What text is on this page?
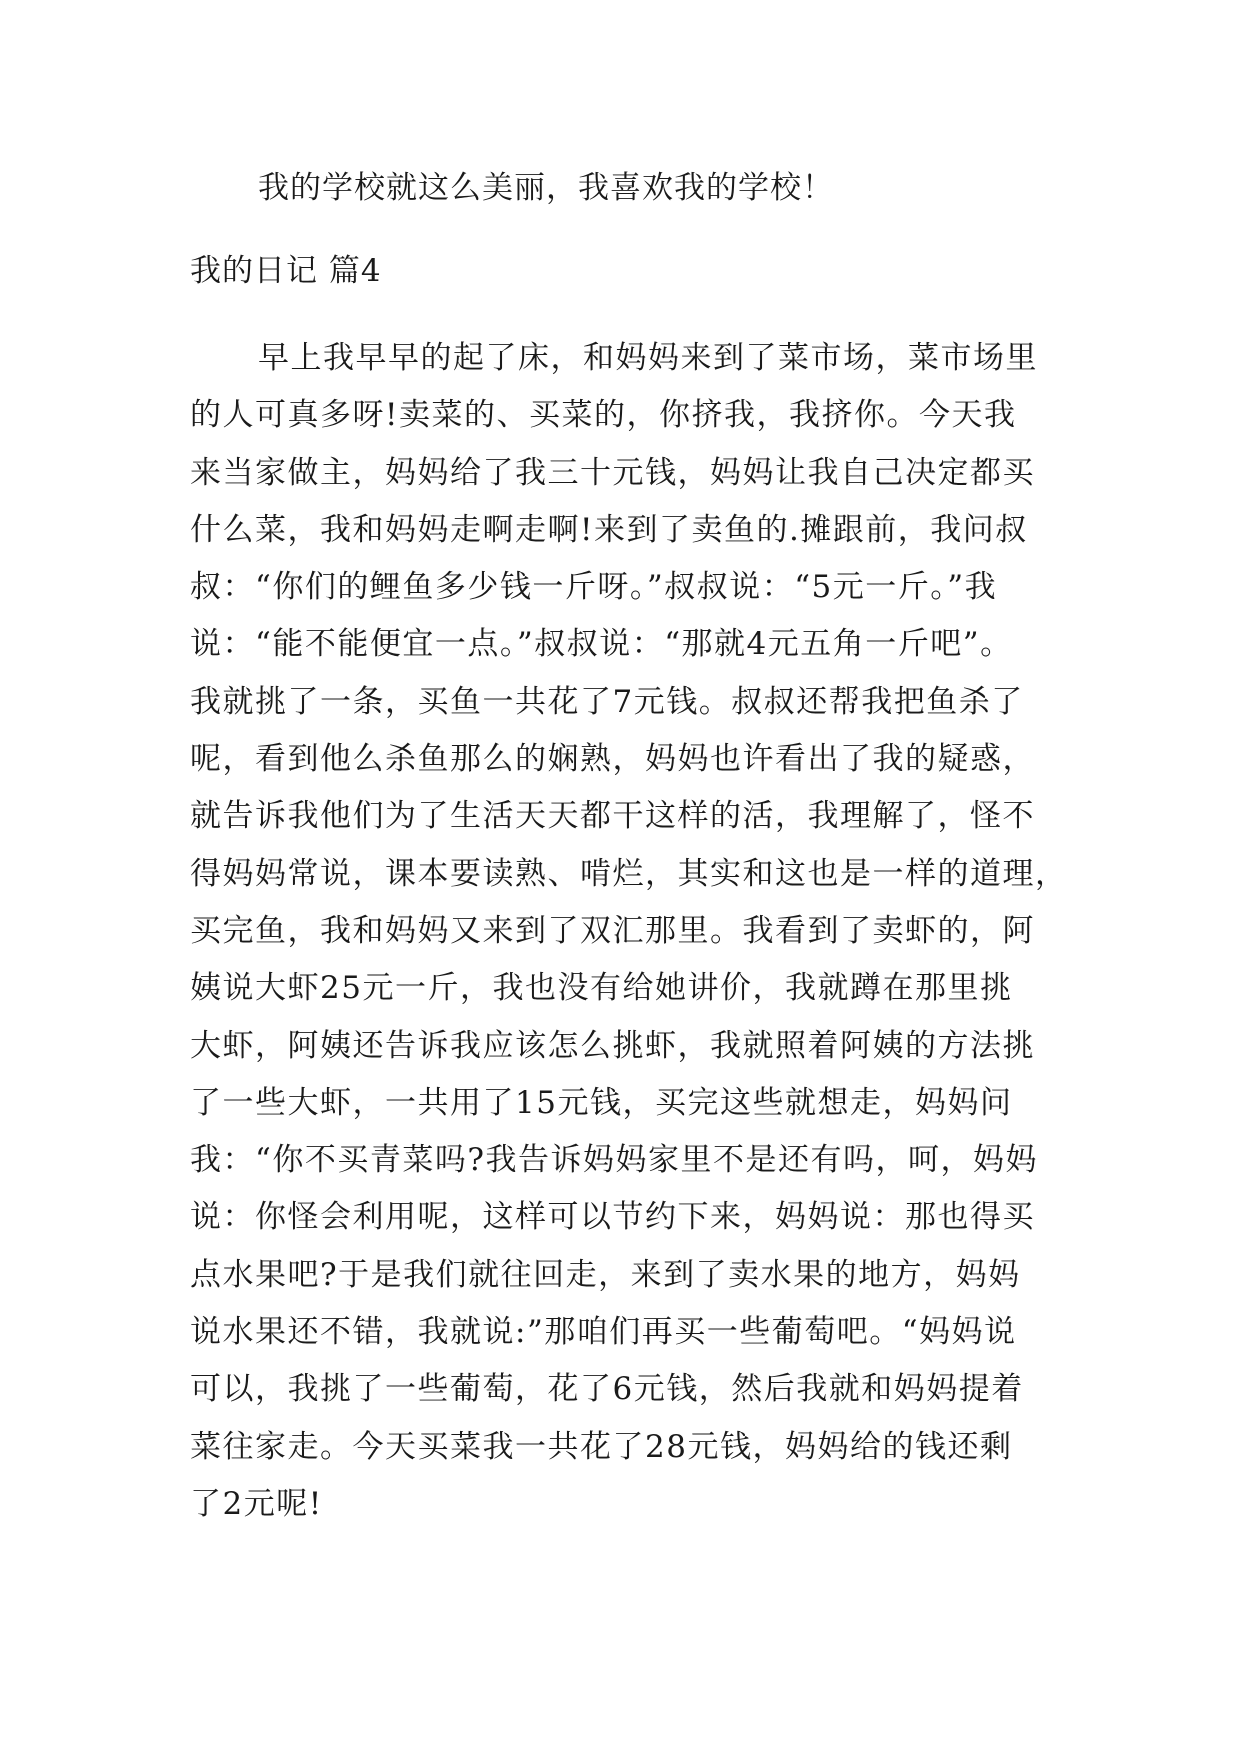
我的学校就这么美丽，我喜欢我的学校！
我的日记 篇4
早上我早早的起了床，和妈妈来到了菜市场，菜市场里
的人可真多呀!卖菜的、买菜的，你挤我，我挤你。今天我
来当家做主，妈妈给了我三十元钱，妈妈让我自己决定都买
什么菜，我和妈妈走啊走啊!来到了卖鱼的.摊跟前，我问叔
叔：“你们的鲤鱼多少钱一斤呀。”叔叔说：“5元一斤。”我
说：“能不能便宜一点。”叔叔说：“那就4元五角一斤吧”。
我就挑了一条，买鱼一共花了7元钱。叔叔还帮我把鱼杀了
呢，看到他么杀鱼那么的娴熟，妈妈也许看出了我的疑惑，
就告诉我他们为了生活天天都干这样的活，我理解了，怪不
得妈妈常说，课本要读熟、啃烂，其实和这也是一样的道理，
买完鱼，我和妈妈又来到了双汇那里。我看到了卖虾的，阿
姨说大虾25元一斤，我也没有给她讲价，我就蹲在那里挑
大虾，阿姨还告诉我应该怎么挑虾，我就照着阿姨的方法挑
了一些大虾，一共用了15元钱，买完这些就想走，妈妈问
我：“你不买青菜吗?我告诉妈妈家里不是还有吗，呵，妈妈
说：你怪会利用呢，这样可以节约下来，妈妈说：那也得买
点水果吧?于是我们就往回走，来到了卖水果的地方，妈妈
说水果还不错，我就说:”那咱们再买一些葡萄吧。“妈妈说
可以，我挑了一些葡萄，花了6元钱，然后我就和妈妈提着
菜往家走。今天买菜我一共花了28元钱，妈妈给的钱还剩
了2元呢!
